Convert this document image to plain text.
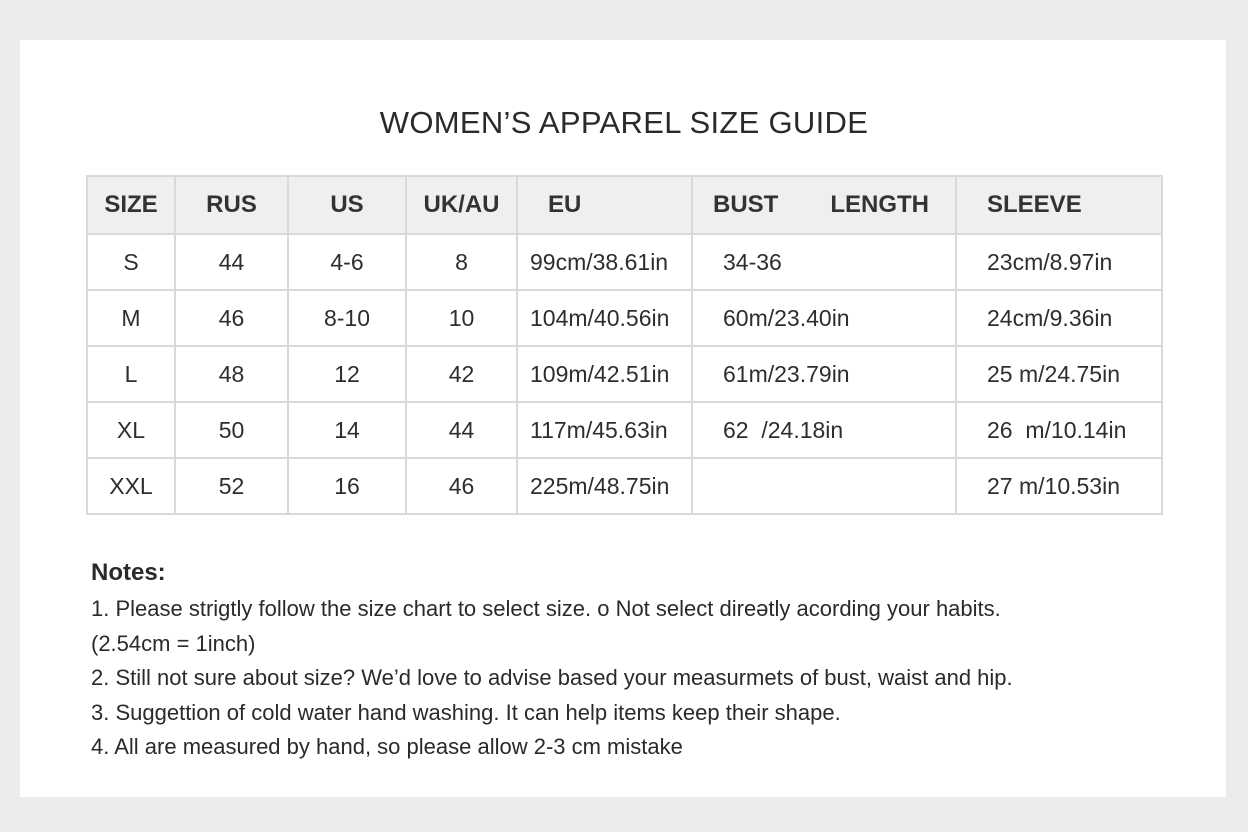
WOMEN’S APPAREL SIZE GUIDE
SIZE	RUS	US	UK/AU	EU	BUST LENGTH	SLEEVE
S	44	4-6	8	99cm/38.61in	34-36	23cm/8.97in
M	46	8-10	10	104m/40.56in	60m/23.40in	24cm/9.36in
L	48	12	42	109m/42.51in	61m/23.79in	25 m/24.75in
XL	50	14	44	117m/45.63in	62  /24.18in	26  m/10.14in
XXL	52	16	46	225m/48.75in		27 m/10.53in
Notes:

1. Please strigtly follow the size chart to select size. o Not select direətly acording your habits. (2.54cm = 1inch)

2. Still not sure about size? We’d love to advise based your measurmets of bust, waist and hip.

3. Suggettion of cold water hand washing. It can help items keep their shape.

4. All are measured by hand, so please allow 2-3 cm mistake
